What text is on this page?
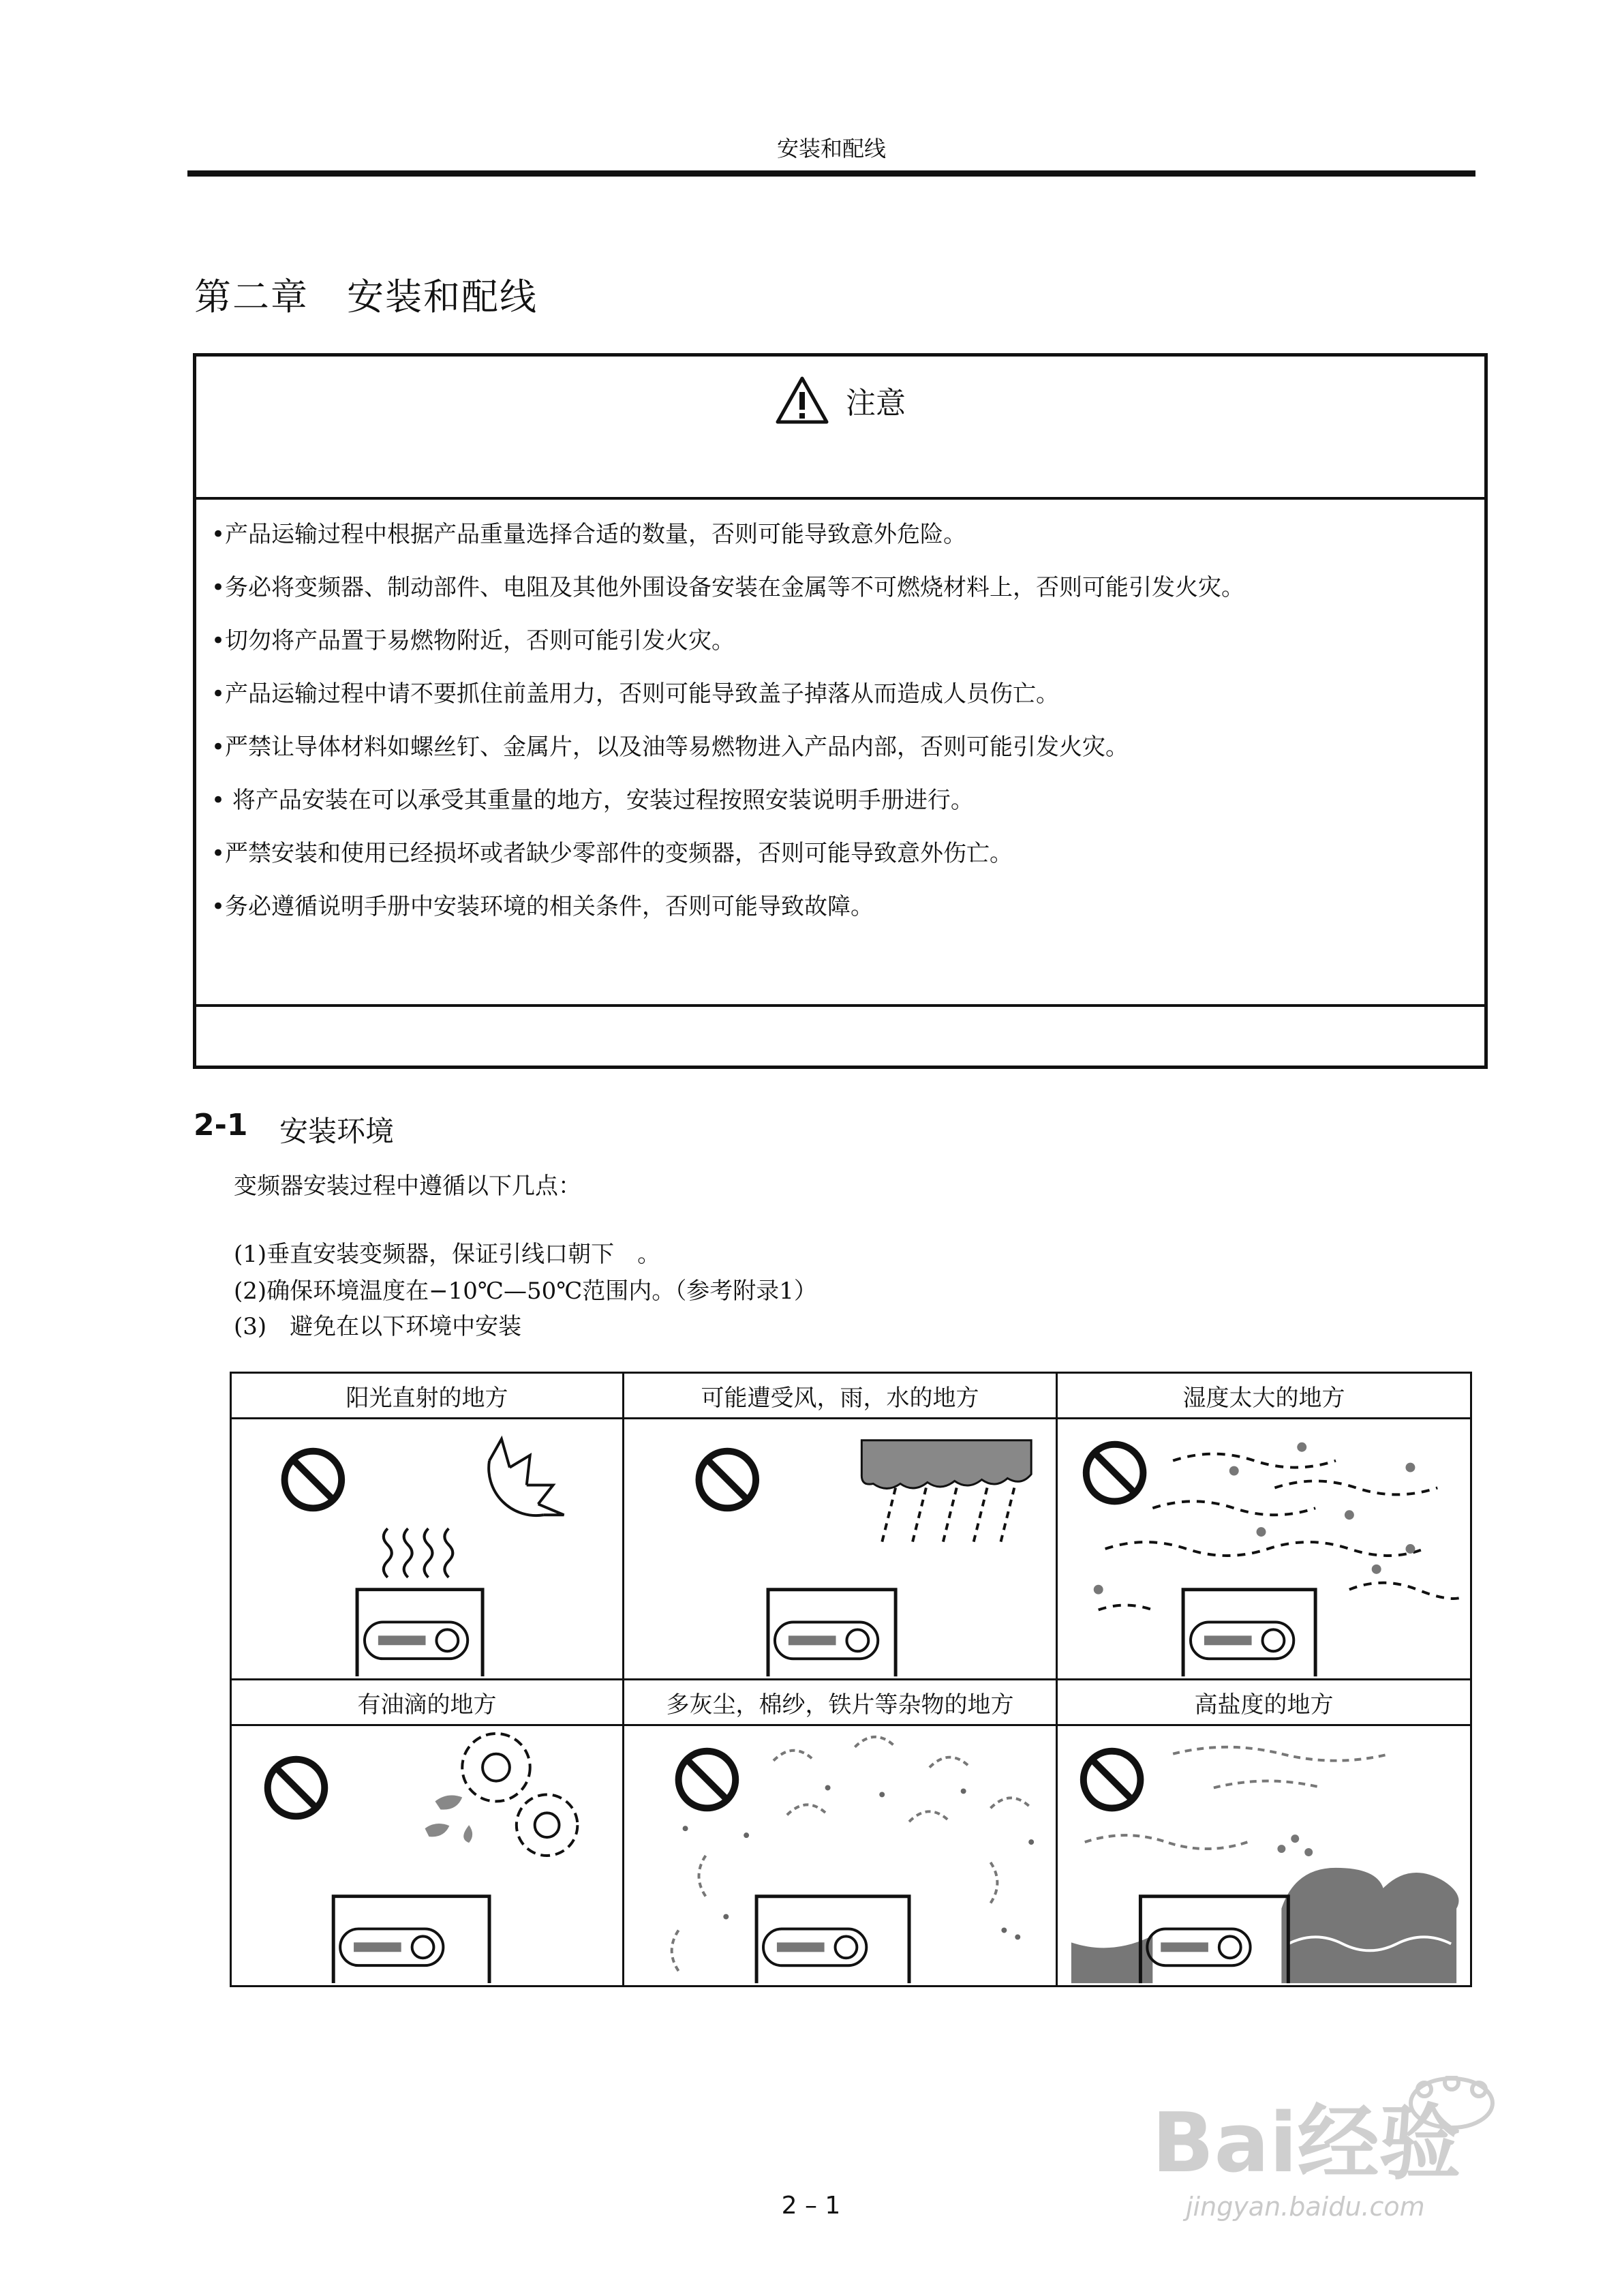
安装和配线
第二章　安装和配线
注意
•产品运输过程中根据产品重量选择合适的数量，否则可能导致意外危险。
•务必将变频器、制动部件、电阻及其他外围设备安装在金属等不可燃烧材料上，否则可能引发火灾。
•切勿将产品置于易燃物附近，否则可能引发火灾。
•产品运输过程中请不要抓住前盖用力，否则可能导致盖子掉落从而造成人员伤亡。
•严禁让导体材料如螺丝钉、金属片，以及油等易燃物进入产品内部，否则可能引发火灾。
• 将产品安装在可以承受其重量的地方，安装过程按照安装说明手册进行。
•严禁安装和使用已经损坏或者缺少零部件的变频器，否则可能导致意外伤亡。
•务必遵循说明手册中安装环境的相关条件，否则可能导致故障。
2-1 安装环境
变频器安装过程中遵循以下几点：
(1)垂直安装变频器，保证引线口朝下　。
(2)确保环境温度在−10℃—50℃范围内。（参考附录1）
(3)　避免在以下环境中安装
阳光直射的地方	可能遭受风，雨，水的地方	湿度太大的地方

有油滴的地方	多灰尘，棉纱，铁片等杂物的地方	高盐度的地方

2 – 1
Bai经验
jingyan.baidu.com
